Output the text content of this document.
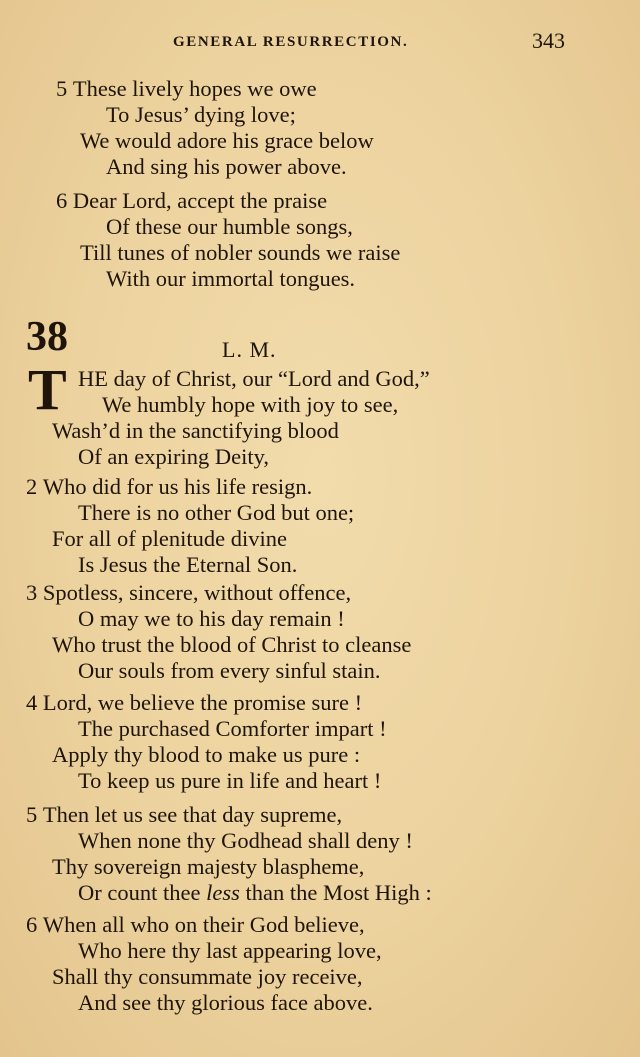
GENERAL RESURRECTION.	343
5 These lively hopes we owe
To Jesus’ dying love;
We would adore his grace below
And sing his power above.
6 Dear Lord, accept the praise
Of these our humble songs,
Till tunes of nobler sounds we raise
With our immortal tongues.
38	L. M.
T HE day of Christ, our “Lord and God,”
We humbly hope with joy to see,
Wash’d in the sanctifying blood
Of an expiring Deity,
2 Who did for us his life resign.
There is no other God but one;
For all of plenitude divine
Is Jesus the Eternal Son.
3 Spotless, sincere, without offence,
O may we to his day remain !
Who trust the blood of Christ to cleanse
Our souls from every sinful stain.
4 Lord, we believe the promise sure !
The purchased Comforter impart !
Apply thy blood to make us pure :
To keep us pure in life and heart !
5 Then let us see that day supreme,
When none thy Godhead shall deny !
Thy sovereign majesty blaspheme,
Or count thee less than the Most High :
6 When all who on their God believe,
Who here thy last appearing love,
Shall thy consummate joy receive,
And see thy glorious face above.
